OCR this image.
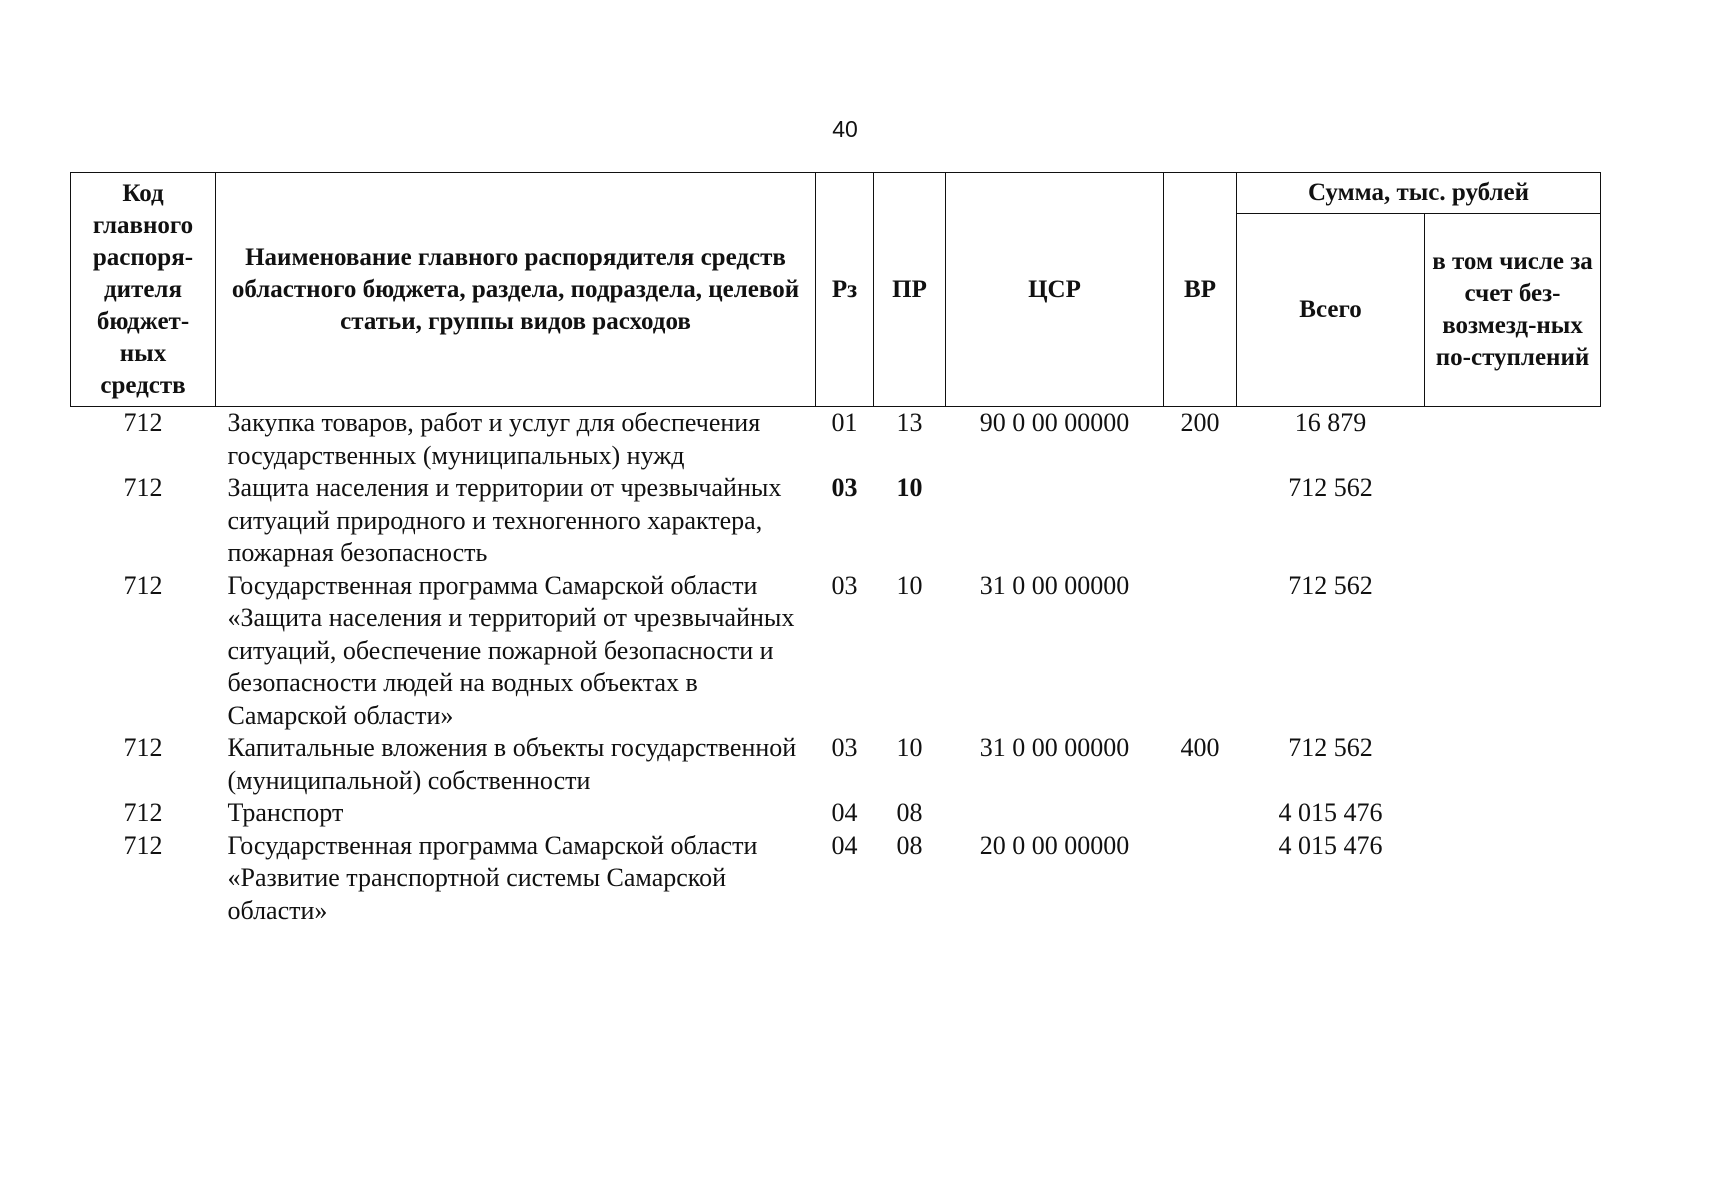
40
Код главного распоря-дителя бюджет-ных средств	Наименование главного распорядителя средств областного бюджета, раздела, подраздела, целевой статьи, группы видов расходов	Рз	ПР	ЦСР	ВР	Сумма, тыс. рублей	
						Всего	в том числе за счет без-возмезд-ных по-ступлений
712	Закупка товаров, работ и услуг для обеспечения государственных (муниципальных) нужд	01	13	90 0 00 00000	200	16 879	
712	Защита населения и территории от чрезвычайных ситуаций природного и техногенного характера, пожарная безопасность	03	10			712 562	
712	Государственная программа Самарской области «Защита населения и территорий от чрезвычайных ситуаций, обеспечение пожарной безопасности и безопасности людей на водных объектах в Самарской области»	03	10	31 0 00 00000		712 562	
712	Капитальные вложения в объекты государственной (муниципальной) собственности	03	10	31 0 00 00000	400	712 562	
712	Транспорт	04	08			4 015 476	
712	Государственная программа Самарской области «Развитие транспортной системы Самарской области»	04	08	20 0 00 00000		4 015 476	
